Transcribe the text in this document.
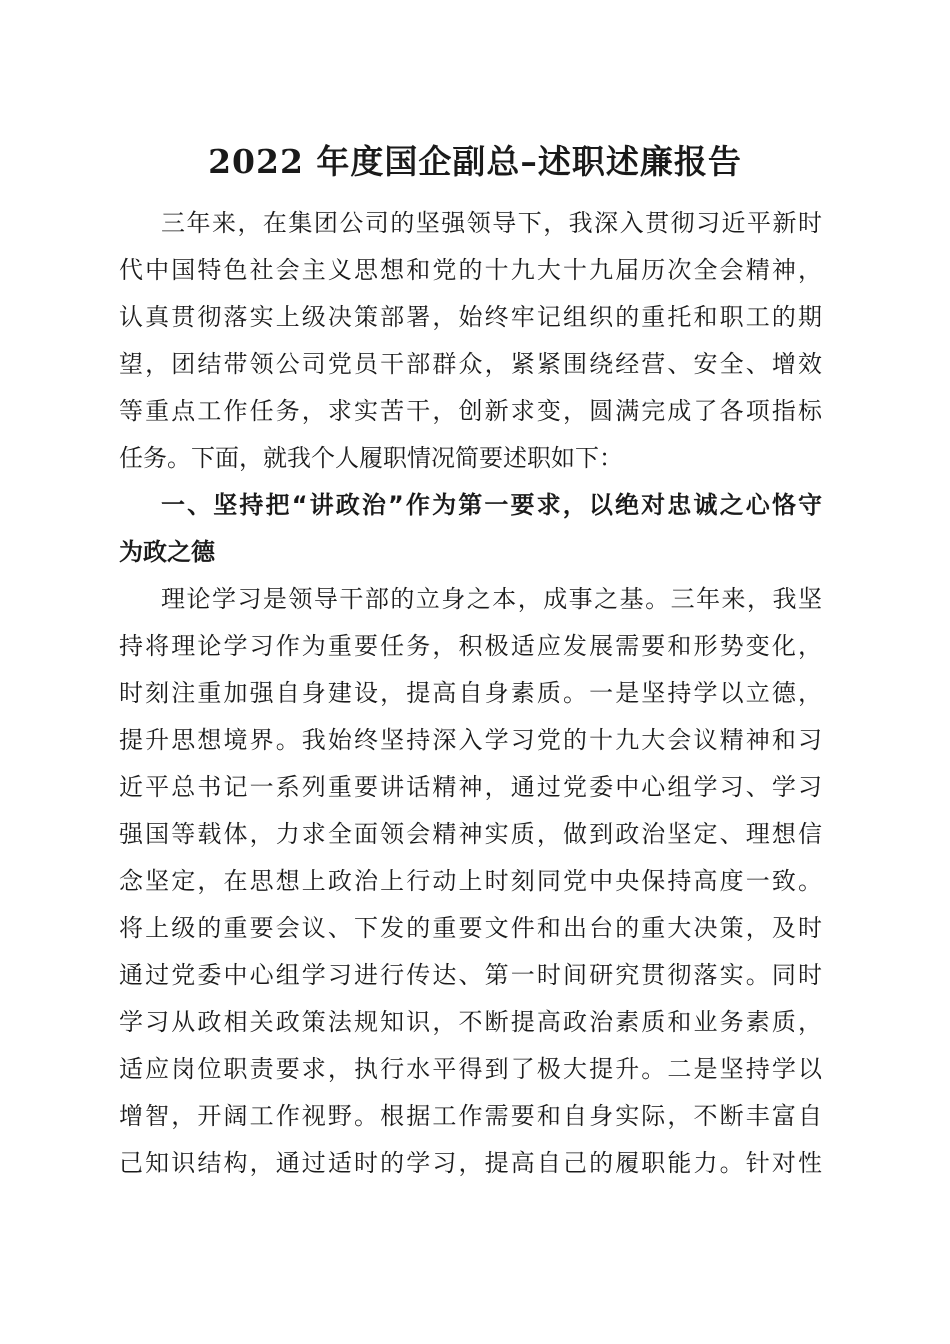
2022 年度国企副总–述职述廉报告
三年来，在集团公司的坚强领导下，我深入贯彻习近平新时
代中国特色社会主义思想和党的十九大十九届历次全会精神，
认真贯彻落实上级决策部署，始终牢记组织的重托和职工的期
望，团结带领公司党员干部群众，紧紧围绕经营、安全、增效
等重点工作任务，求实苦干，创新求变，圆满完成了各项指标
任务。下面，就我个人履职情况简要述职如下：
一、坚持把“讲政治”作为第一要求，以绝对忠诚之心恪守
为政之德
理论学习是领导干部的立身之本，成事之基。三年来，我坚
持将理论学习作为重要任务，积极适应发展需要和形势变化，
时刻注重加强自身建设，提高自身素质。一是坚持学以立德，
提升思想境界。我始终坚持深入学习党的十九大会议精神和习
近平总书记一系列重要讲话精神，通过党委中心组学习、学习
强国等载体，力求全面领会精神实质，做到政治坚定、理想信
念坚定，在思想上政治上行动上时刻同党中央保持高度一致。
将上级的重要会议、下发的重要文件和出台的重大决策，及时
通过党委中心组学习进行传达、第一时间研究贯彻落实。同时
学习从政相关政策法规知识，不断提高政治素质和业务素质，
适应岗位职责要求，执行水平得到了极大提升。二是坚持学以
增智，开阔工作视野。根据工作需要和自身实际，不断丰富自
己知识结构，通过适时的学习，提高自己的履职能力。针对性
